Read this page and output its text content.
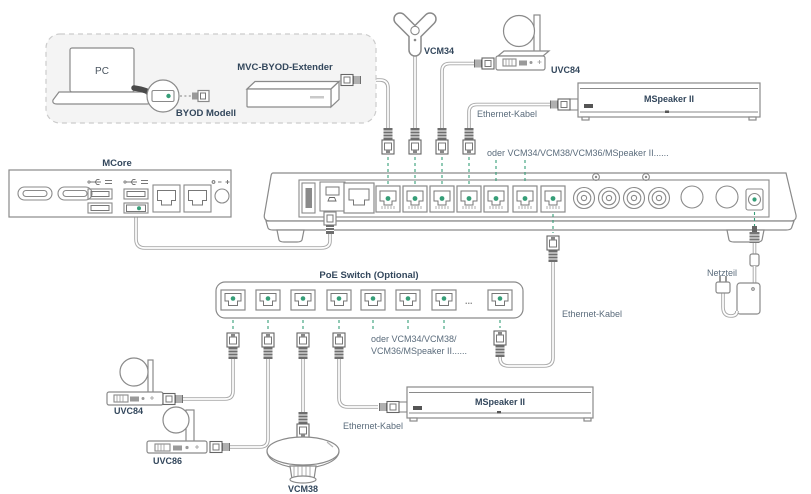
PC	MVC-BYOD-Extender
BYOD Modell
MCore
VCM34
UVC84
MSpeaker II
Ethernet-Kabel
oder VCM34/VCM38/VCM36/MSpeaker II......
Netzteil
Ethernet-Kabel
PoE Switch (Optional)
...
oder VCM34/VCM38/
VCM36/MSpeaker II......
UVC84
UVC86
VCM38
MSpeaker II
Ethernet-Kabel
